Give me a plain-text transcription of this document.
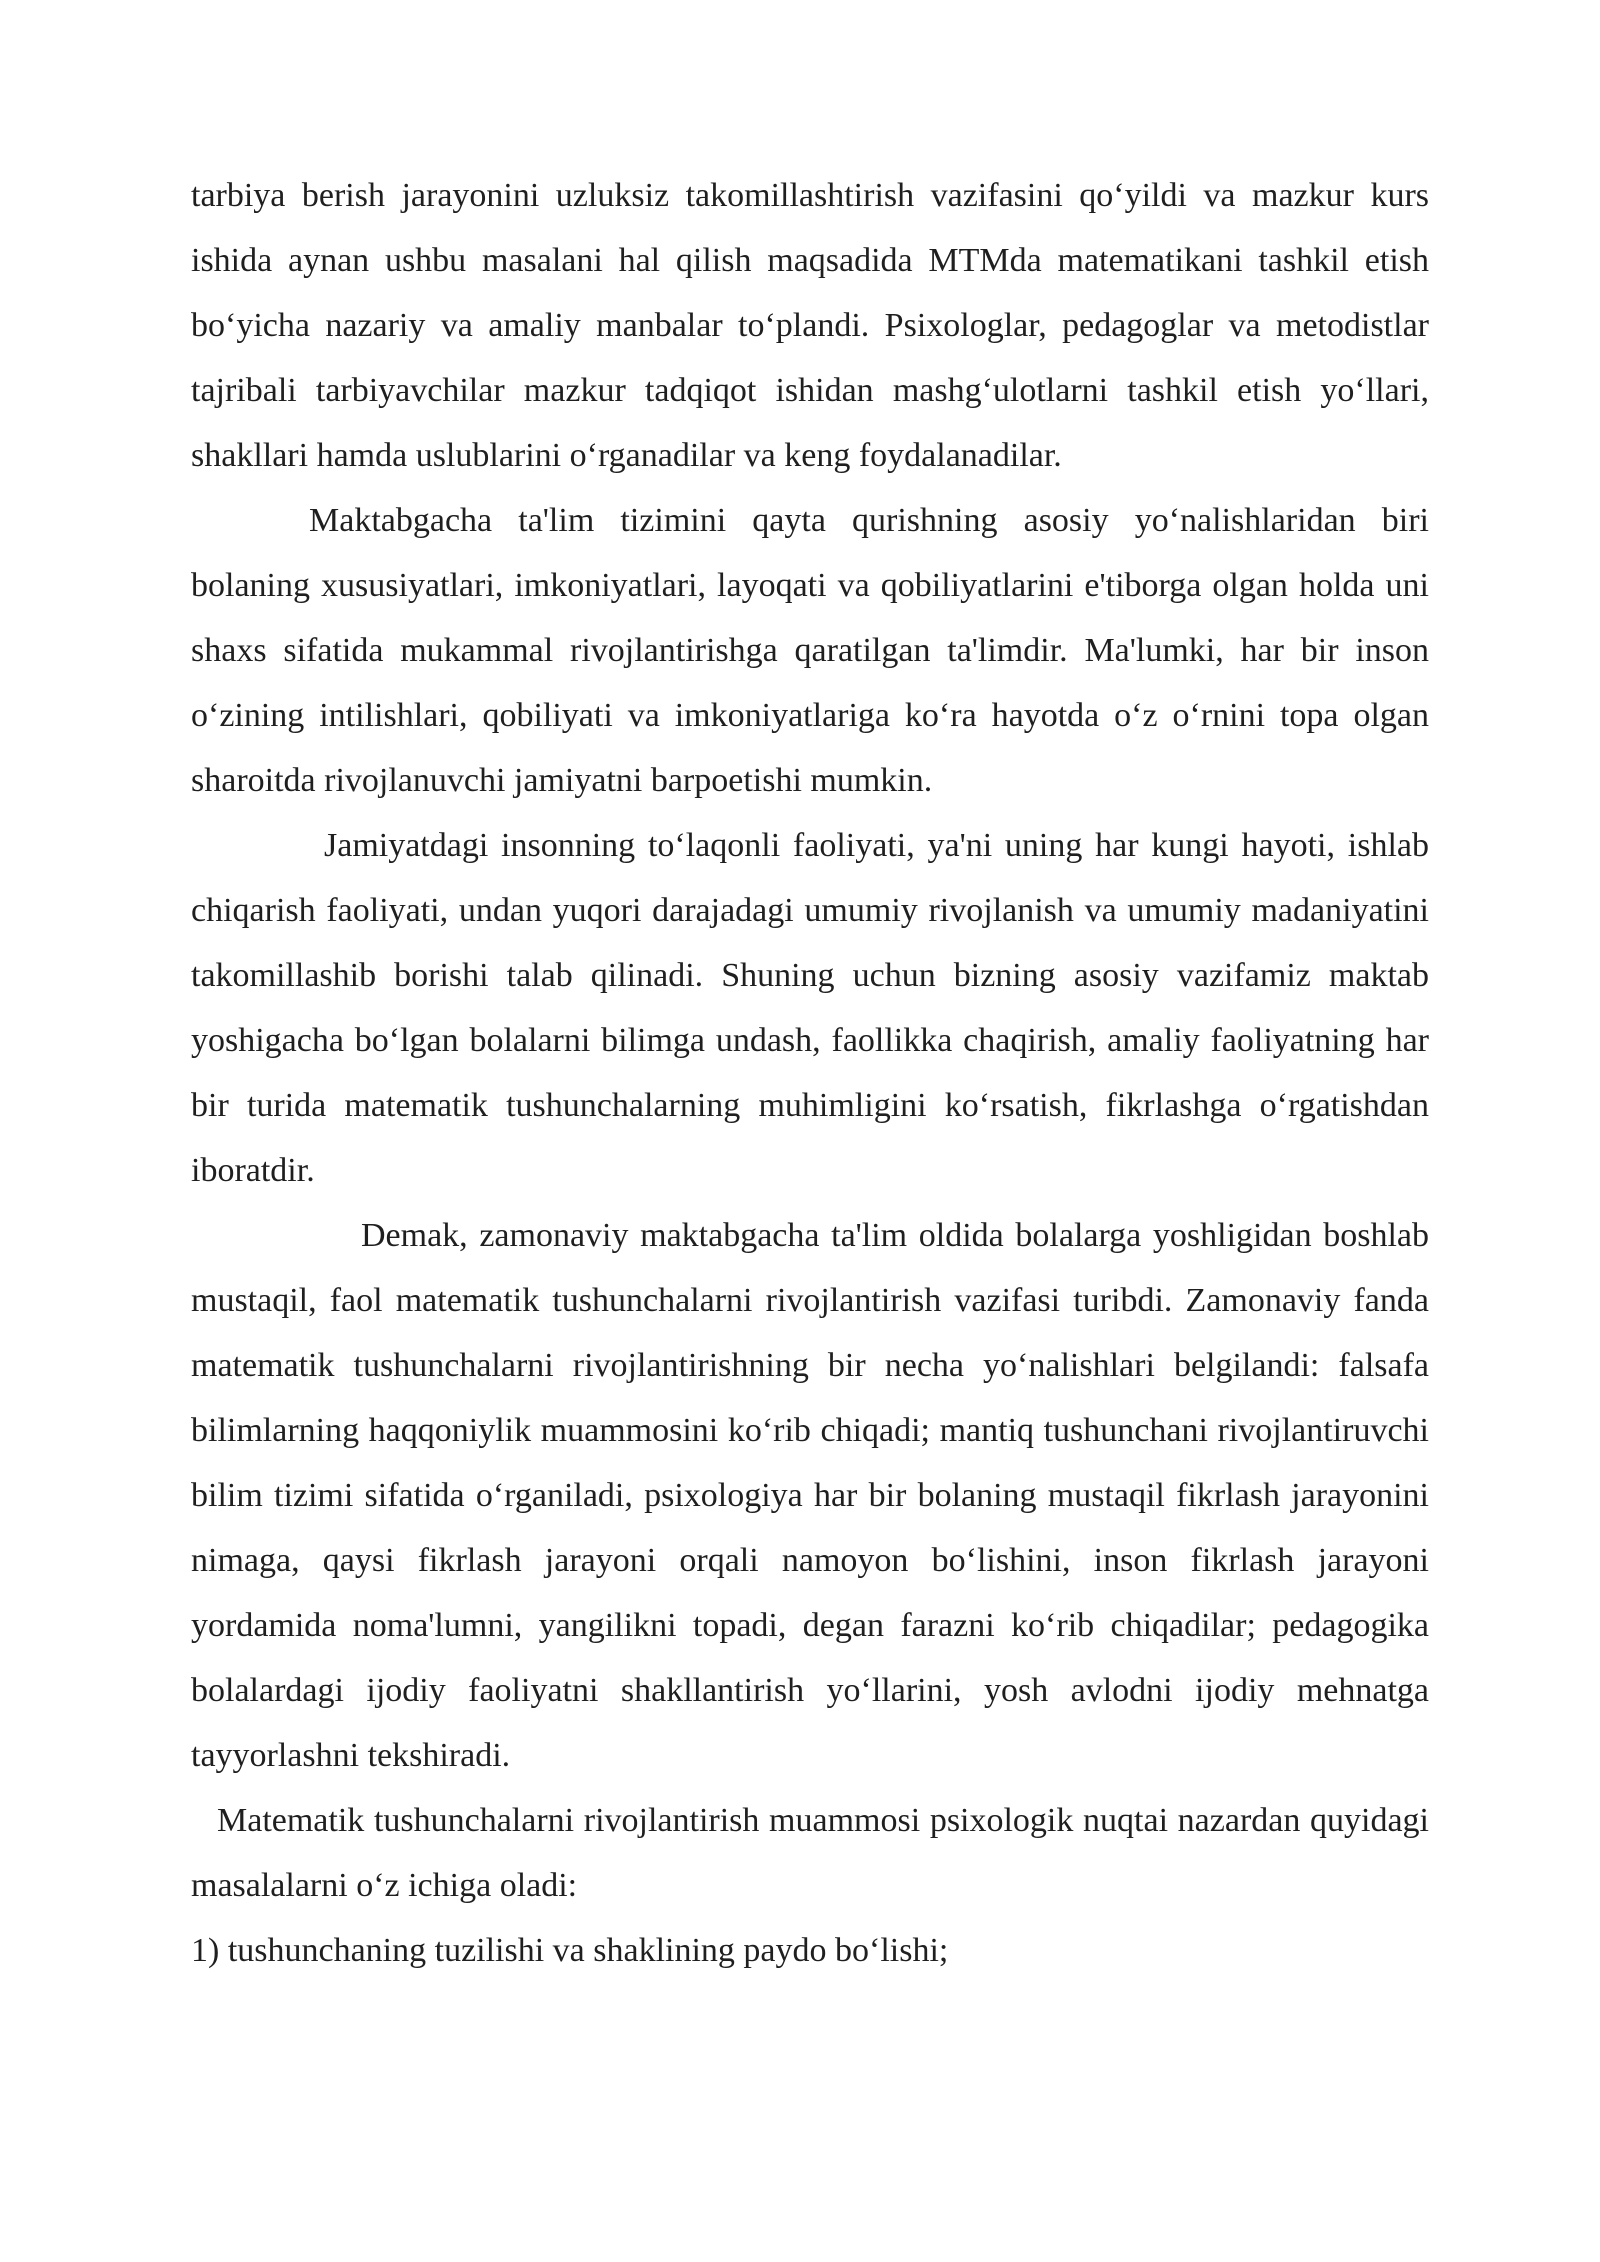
tarbiya berish jarayonini uzluksiz takomillashtirish vazifasini qoʻyildi va mazkur kurs ishida aynan ushbu masalani hal qilish maqsadida MTMda matematikani tashkil etish boʻyicha nazariy va amaliy manbalar toʻplandi. Psixologlar, pedagoglar va metodistlar tajribali tarbiyavchilar mazkur tadqiqot ishidan mashgʻulotlarni tashkil etish yoʻllari, shakllari hamda uslublarini oʻrganadilar va keng foydalanadilar.

Maktabgacha ta'lim tizimini qayta qurishning asosiy yoʻnalishlaridan biri bolaning xususiyatlari, imkoniyatlari, layoqati va qobiliyatlarini e'tiborga olgan holda uni shaxs sifatida mukammal rivojlantirishga qaratilgan ta'limdir. Ma'lumki, har bir inson oʻzining intilishlari, qobiliyati va imkoniyatlariga koʻra hayotda oʻz oʻrnini topa olgan sharoitda rivojlanuvchi jamiyatni barpoetishi mumkin.

Jamiyatdagi insonning toʻlaqonli faoliyati, ya'ni uning har kungi hayoti, ishlab chiqarish faoliyati, undan yuqori darajadagi umumiy rivojlanish va umumiy madaniyatini takomillashib borishi talab qilinadi. Shuning uchun bizning asosiy vazifamiz maktab yoshigacha boʻlgan bolalarni bilimga undash, faollikka chaqirish, amaliy faoliyatning har bir turida matematik tushunchalarning muhimligini koʻrsatish, fikrlashga oʻrgatishdan iboratdir.

Demak, zamonaviy maktabgacha ta'lim oldida bolalarga yoshligidan boshlab mustaqil, faol matematik tushunchalarni rivojlantirish vazifasi turibdi. Zamonaviy fanda matematik tushunchalarni rivojlantirishning bir necha yoʻnalishlari belgilandi: falsafa bilimlarning haqqoniylik muammosini koʻrib chiqadi; mantiq tushunchani rivojlantiruvchi bilim tizimi sifatida oʻrganiladi, psixologiya har bir bolaning mustaqil fikrlash jarayonini nimaga, qaysi fikrlash jarayoni orqali namoyon boʻlishini, inson fikrlash jarayoni yordamida noma'lumni, yangilikni topadi, degan farazni koʻrib chiqadilar; pedagogika bolalardagi ijodiy faoliyatni shakllantirish yoʻllarini, yosh avlodni ijodiy mehnatga tayyorlashni tekshiradi.

Matematik tushunchalarni rivojlantirish muammosi psixologik nuqtai nazardan quyidagi masalalarni oʻz ichiga oladi:

1) tushunchaning tuzilishi va shaklining paydo boʻlishi;
